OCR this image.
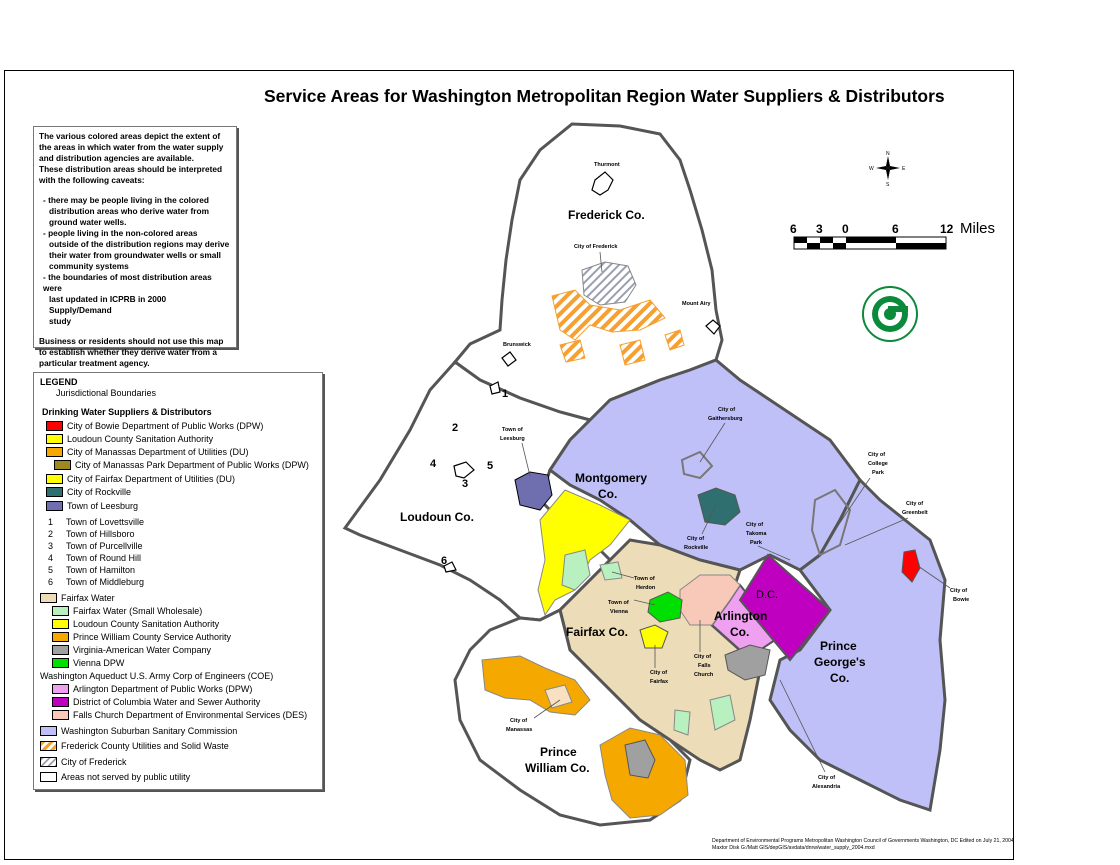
Frederick Co.
Loudoun Co.
Montgomery
Co.
Fairfax Co.
Arlington
Co.
D.C.
Prince
George's
Co.
Prince
William Co.
Thurmont
City of Frederick
Mount Airy
Brunswick
Town of
Leesburg
City of
Gaithersburg
City of
College
Park
City of
Greenbelt
City of
Takoma
Park
City of
Rockville
City of
Bowie
Town of
Herdon
Town of
Vienna
City of
Fairfax
City of
Falls
Church
City of
Manassas
City of
Alexandria
1
2
3
4	5
6
N
S
E
W
Service Areas for Washington Metropolitan Region Water Suppliers & Distributors

The various colored areas depict the extent of

the areas in which water from the water supply

and distribution agencies are available.

These distribution areas should be interpreted

with the following caveats:

- there may be people living in the colored

distribution areas who derive water from

ground water wells.

- people living in the non-colored areas

outside of the distribution regions may derive

their water from groundwater wells or small

community systems

- the boundaries of most distribution areas were

last updated in ICPRB in 2000 Supply/Demand

study

Business or residents should not use this map

to establish whether they derive water from a

particular treatment agency.

LEGEND
Jurisdictional Boundaries
Drinking Water Suppliers & Distributors
City of Bowie Department of Public Works (DPW)
Loudoun County Sanitation Authority
City of Manassas Department of Utilities (DU)
City of Manassas Park Department of Public Works (DPW)
City of Fairfax Department of Utilities (DU)
City of Rockville
Town of Leesburg
1	Town of Lovettsville
2	Town of Hillsboro
3	Town of Purcellville
4	Town of Round Hill
5	Town of Hamilton
6	Town of Middleburg
Fairfax Water
Fairfax Water (Small Wholesale)
Loudoun County Sanitation Authority
Prince William County Service Authority
Virginia-American Water Company
Vienna DPW
Washington Aqueduct U.S. Army Corp of Engineers (COE)
Arlington Department of Public Works (DPW)
District of Columbia Water and Sewer Authority
Falls Church Department of Environmental Services (DES)
Washington Suburban Sanitary Commission
Frederick County Utilities and Solid Waste
City of Frederick
Areas not served by public utility
6 3 0	6	12 Miles
Department of Environmental Programs Metropolitan Washington Council of Governments Washington, DC Edited on July 21, 2004
Maxtor Disk G:/Matt GIS/depGIS/avdata/dnrw/water_supply_2004.mxd
